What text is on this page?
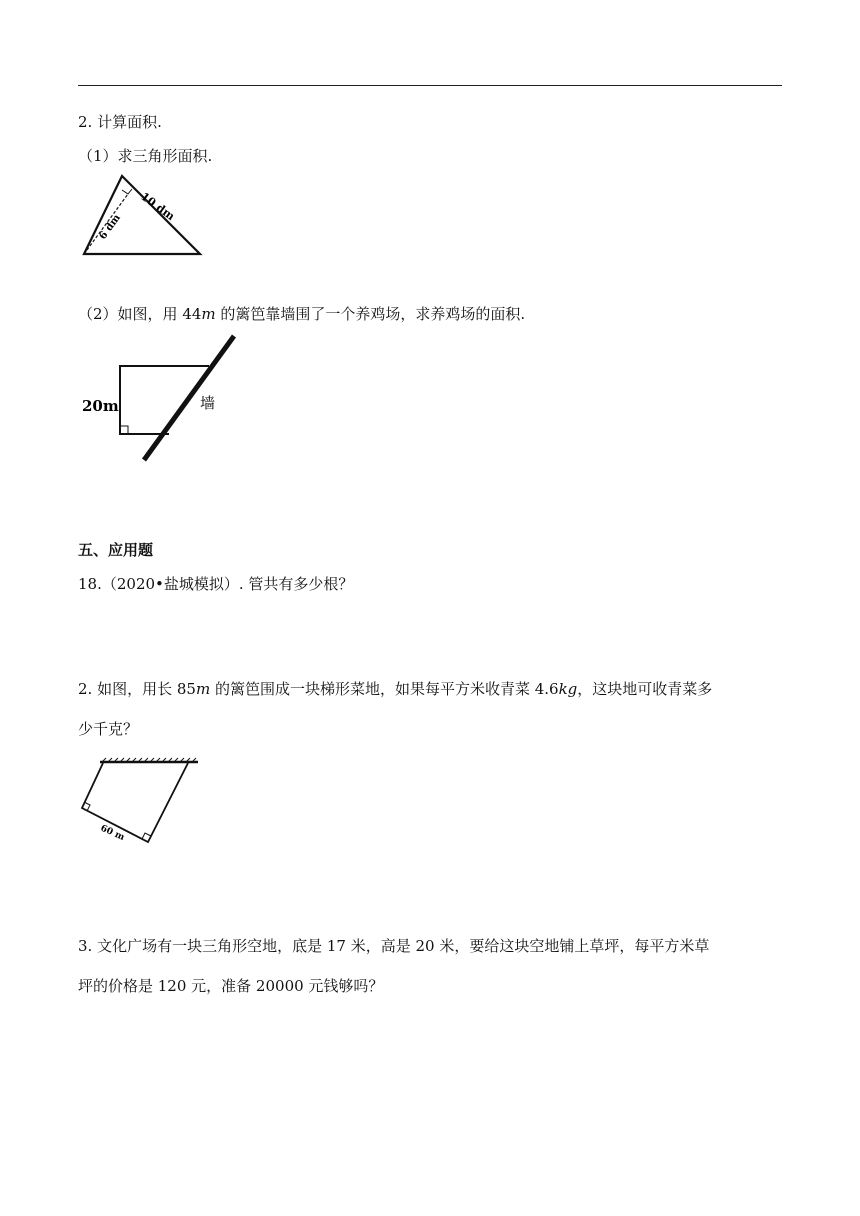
2. 计算面积.
（1）求三角形面积.
10 dm
6 dm
（2）如图，用 44m 的篱笆靠墙围了一个养鸡场，求养鸡场的面积.
20m	墙
五、应用题
18.（2020•盐城模拟）. 管共有多少根？
2. 如图，用长 85m 的篱笆围成一块梯形菜地，如果每平方米收青菜 4.6kg，这块地可收青菜多
少千克？
60 m
3. 文化广场有一块三角形空地，底是 17 米，高是 20 米，要给这块空地铺上草坪，每平方米草
坪的价格是 120 元，准备 20000 元钱够吗？
